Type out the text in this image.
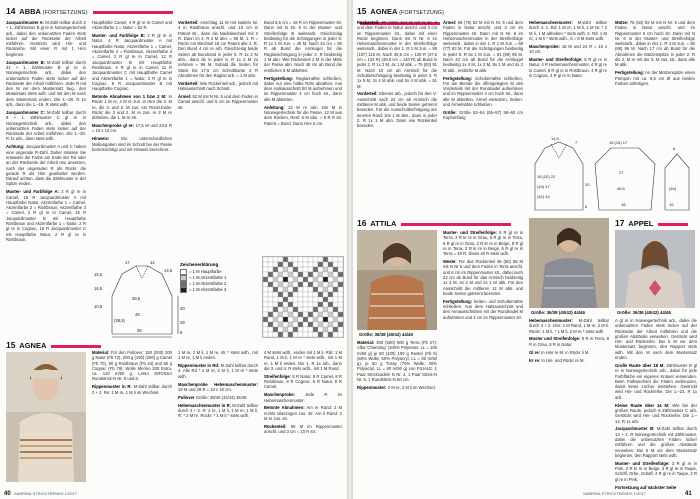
14 ABBA (FORTSETZUNG)

Jacquardmuster A: M-Zahl teilbar durch 2 + 1. Zählmuster B gl re in Norwegertechnik arb., dabei den unbenutzten Faden stets locker auf der Rückseite der Arbeit mitführen. Gestrickt wird Hin- und Rückreihe. Mit einer R mit 1 Hinr beginnen.

Jacquardmuster B: M-Zahl teilbar durch 31 + 1. Zählmuster B gl re in Norwegertechnik arb., dabei den unbenutzten Faden stets locker auf der Rückseite der Arbeit mitführen. Jede R mit den M vor dem Mustersatz beg., den Mustersatz stets wdh. und mit den M nach dem Mustersatz enden. Die 1.–28. R 1x arb., dann die 1.–19. R stets wdh.

Jacquardmuster C: M-Zahl teilbar durch 8 + 1. Zählmuster C gl re in Norwegertechnik arb., dabei den unbenutzten Faden stets locker auf der Rückseite der Arbeit mitführen. Die 1.–30. R 1x arb., dann stets wdh.

Achtung: Jacquardmuster A und C haben eine ungerade R-Zahl. Daher müssen Sie entweder die Farbe am Ende der Rd oder an der Rückseite der Arbeit neu ansetzen, nach der ungeraden R als Rückr. die gerade R als Hinr gearbeitet werden. Darauf achten, dass die Zählmuster in der Spitze enden.

Muster- und Farbfolge A: 2 R gl re in Camel, 15 R Jacquardmuster A mit Hauptfarbe Natur, Akzentfarbe 1 = Camel, Akzentfarbe 2 = Rostbraun, Akzentfarbe 3 = Camel, 2 R gl re in Camel, 15 R Jacquardmuster B mit Hauptfarbe Rostbraun und Akzentfarbe 1 = Natur, 2 R gl re in Cognac, 15 R Jacquardmuster C mit Hauptfarbe Natur, 2 R gl re in Rostbraun.

Hauptfarbe Camel, 4 R gl re in Camel und Akzentfarbe 1 = Natur = 52 R.

Muster- und Farbfolge B: 2 R gl re in Natur, 4 R Jacquardmuster A mit Hauptfarbe Natur, Akzentfarbe 1 = Camel, Akzentfarbe 2 = Rostbraun, Akzentfarbe 3 = Camel, 2 R gl re in Camel, 12 R Jacquardmuster B mit Hauptfarbe Rostbraun, 4 R gl re in Camel, 11 R Jacquardmuster C mit Hauptfarbe Camel und Akzentfarbe 1 = Natur, 2 R gl re in Cognac, 8 R Jacquardmuster B mit Hauptfarbe Cognac.

Betonte Abnahmen von 1 bzw 2 M: In Rückr 1 M re, 2 M re zus. In Hinr die 2. M re, die 3. und 2. M zus. Am Rückr.Ende: Rückr die 3 und 2. M re zus. re 2 M re abheben, die 1. M re str.

Maschenprobe gl re: 17,5 M und 23,5 R = 10 x 10 cm.

Hinweis:	Die unterschiedlichen Maßangaben sind im Schnitt bei der Passe berücksichtigt und mit Hinweis berechnet.

Vorderteil: Anschlag 11 M mit Nadeln Nr. 4 in Rostbraun anschl. und 15 cm in Patent str., dann die Nadelwechsel mit 2 R. Dann im 4. R 2 M abn. = 96 M. 1. R = Rückr mit Wechsel 18 cm Patent alle 2. R. Den Bund 4 cm re arb. Gleichzeitig beide Seiten ab Bundrand in jeder 6. R 1x 2 M abn., dann ab in jeder 6. R 1x 2 M zu nehmen = 96 M. Sobald die Seiten für Stück bis 17,5 cm Schnittkante 2 R Abnahmen für den Raglan arb. = 1 M abn.

Vorderteil: Wie Rückenteil arb., jedoch mit Halsausschnitt nach Schnitt.

Ärmel: 52 M mit N Nr. 5 und dem Faden in Camel anschl. und 5 cm im Rippenmuster str.

Bund 6,5 cm = 18 R im Rippenmuster str. Dann mit N Nr. 6 in der Muster- und Streifenfolge B weiterarb. Gleichzeitig beidseitig für die Schrägungen in jeder 8. R 1x 1 M zun. = 48 M. Nach 34 cm = 80 R ab Bund die Armkugel für die Raglanschrägung in jeder 2. R beidseitig 1 M abn. Wie Rückenteil 2 M in der Mitte der Passe abn. Nach 48 cm ab Bund die restlichen 8 M abketten.

Fertigstellung: Raglannähte schließen, dabei nur eine halbe Rdm abnähen. Aus dem Halsausschnitt 50 M aufnehmen und im Rippenmuster 4 cm hoch str., dann alle M abketten.

Anleitung: 32 M re abn. Die M in Norwegertechnik für die Passe. 12 M aus dem Rücken, Rest: 6 M abn. = 6 R R str. Patent = Bund. Dann Hinr 5 cm.

15,5
16,5
17	12
14,5
20
10,5
36
38,5
45
(38,5)	29
8
Zeichenerklärung
= 1 M Hauptfarbe
= 1 M Akzentfarbe 1
= 1 M Akzentfarbe 2
= 1 M Akzentfarbe 3
15 AGNEA

Material: Für den Pullover: 150 (200) 200 g Natur (Fb 72), 200 g (150) (200) g Camel (Fb 70), 50 g Rostbraun (Fb 24) und 50 g Cognac (Fb 79): Wolle Merino 200 Extra, ca. 120 m/50 g. LANA GROSSA Rundstrick-N Nr. 5 und 6.

Rippenmuster in R: M-Zahl teilbar durch 2 + 2. Re: 1 M re, 1 M li im Wechsel.

1 M re, 2 M li, 1 M re, str. * stets wdh., mit 1 M re, 1 M li enden.

Rippenmuster in Rd: M-Zahl teilbar durch 4. Alle Rd * 1 M re, 2 M li, 1 M re * stets wdh.

Maschenprobe Hebemaschenmuster: 19 M und 28 R = 10 x 10 cm.

Pullover Größe: 38/40 (42/44) 46/48

Hebemaschenmuster in R: M-Zahl teilbar durch 4 + 2. R: 2 re, 1 M li, 1 M re, 1 M li, R: * 2 M re. Rückr: * 1 M li * stets wdh.

4 M stets wdh., enden mit 1 M li. Rdr: 1 M Rand, 1 M li, 1 M re * stets wdh., mit 1 M re, 1 M li enden. Die 1. R 1x arb., dann die 3. und 4. R stets wdh., mit 1 M Rand.

Streifenfolge: 8 R Natur, 8 R Camel, 8 R Rostbraun, 8 R Cognac, 8 R Natur, 8 R Camel.

Maschenprobe: Jede R im Hebemaschenmuster.

Betonte Abnahmen: Am re Rand: 2 M rechts überzogen zus. str. Am li Rand: 2 M re zus. str.

Rückenteil: 98 M im Rippenmuster anschl. und 3 cm = 10 R str.

SABRINA STRICKTRENDS 1/2017
40
15 AGNEA (FORTSETZUNG)

Rückenteil: 98 (106) 114 M mit N Nr. 5 und dem Faden in Natur anschl. und 3 cm im Rippenmuster str., dabei mit einer Rückr beginnen. Dann mit N Nr. 6 im Hebemaschenmuster in der Streifenfolge weiterarb., dabei in der 1. R 1 M zun. = 99 (107) 115 M. Nach 45,5 cm = 128 R (47,5 cm = 134 R) (49,5 cm = 140 R) ab Bund in jeder 2. R 1x 2 M, 4x 1 M abk. = 75 (83) 91 M. Nach 10 cm ab Armloch für die Schulterschrägung beidseitig in jeder 2. R 1x 5 M, 2x 4 M abk. und 5x 4 M abk. = 51 M.

Vorderteil: Ebenso arb., jedoch für den V-Ausschnitt nach 22 cm ab Armloch die mittleren M abk. und beide Seiten getrennt beenden. Für die Ausschnittschrägung am inneren Rand 10x 1 M abn., dann in jeder 2. R 1x 1 M abn. Dann wie Rückenteil beenden.

Ärmel: 68 (76) 82 M mit N Nr. 5 und dem Faden in Natur anschl. und 3 cm im Rippenmuster str. Dann mit N Nr. 6 im Hebemaschenmuster in der Streifenfolge weiterarb., dabei in der 1. R 1 M zun. = 69 (77) 83 M. Für die Schrägungen beidseitig in jeder 8. R 6x 1 M zun. = 81 (89) 95 M. Nach 43 cm ab Bund für die Armkugel beidseitig 1x 4 M, 1x 2 M, 8x 1 M und 4x 2 M abk., restliche M abk.

Fertigstellung: Schulternähte schließen. Für die Blende die offengelegten M des Vorderteils mit der Rundnadel aufnehmen und im Rippenmuster 3 cm hoch str., dann alle M abketten. Ärmel einsetzen, Seiten- und Ärmelnähte schließen.

Größe: Größe 52–54 (55–57) 58–60 cm Kopfumfang

Hebemaschenmuster: M-Zahl teilbar durch 4. 1. Rd: 1 M re, 1 M li, 1 M Nr. * 2 M li, 1 M abheben * stets wdh. 2. Rd: 1 M re, 1 M li * stets wdh., 6 = 8 M stets wdh.

Maschenprobe: 18 M und 24 R = 10 x 10 cm.

Muster- und Streifenfolge: 8 R gl re in Natur, 4 R Hebemaschenmuster, 4 R gl re in Camel, 8 R gl re in Rostbraun, 4 R gl re in Cognac, 4 R gl re in Natur.

Mütze: 76 (84) 92 M mit N Nr. 5 und dem Faden in Natur anschl. und im Rippenmuster 6 cm hoch str. Dann mit N Nr. 6 in der Muster- und Streifenfolge weiterarb., dabei in der 1. R 4 M zun. = 80 (88) 96 M. Nach 17 cm ab Bund für die Abnahmen die Mützenspitze in jeder 2. R die 2. M re mit der 3. M zus. str., dann alle M abk.

Fertigstellung: An der Mützenspitze einen Pompon mit ca. 6,5 cm Ø aus beiden Farben anfertigen.

14,5
7
18 (20) 22
(43) 47
(42) 44
20
6
15 (16) 17
27
46,5
18
6
(44)
19
16 ATTILA
Größe: 36/38 (40/42) 44/46

Material: 400 (500) 500 g Terra (Fb 27): Alba 'Charming' (100% Polyester, LL = 100 m/50 g) je 50 (100) 100 g Ruster (Fb 5) (50% Wolle, 50% Polyacryl, LL = 80 m/50 g), je 50 g Tussy (70% Wolle, 30% Polyacryl, LL = 80 m/50 g) von FILIALE. 1 Paar Stricknadeln N Nr. 4, 1 Paar Strick-N Nr. 5, 1 Rundstrick-N 60 cm.

Rippenmuster: 2 M re, 2 M li im Wechsel.

Muster- und Streifenfolge: 8 R gl re in Terra, 2 R kr re in Grau, 6 R gl re in Terra, 6 R gl re in Grau, 2 R kr re in Beige, 8 R gl re in Terra, 2 R kr re in Beige, 6 R gl re in Terra = 40 R. Diese 40 R stets wdh.

Weste: Für das Rückenteil 48 (56) 58 M mit N Nr 6 und dem Faden in Terra anschl. und 6 cm im Rippenmuster str., dabei nach 22 cm ab Bund für das Armloch beidseitig 1x 3 M, 2x 2 M und 2x 1 M abk. Für den Ausschnitt die mittleren 12 M abk. und beide Seiten getrennt beenden.

Fertigstellung: Seiten- und Schulternähte schließen. Aus dem Halsausschnitt und den Armausschnitten mit der Rundnadel M aufnehmen und 4 cm im Rippenmuster str.

Größe: 36/38 (40/42) 44/46

Hebemaschenmuster: M-Zahl teilbar durch 4 + 2. Hinr: 1 M Rand, 1 M re, 2 M li. Rückr: 1 M li, * 1 M li, 2 M re * stets wdh.

Muster und Streifenfolge: 8 R in Terra, 8 R in Grau, 8 R in Natur.

Gl re: In Hinr re M, in Rückr li M.

Kr re: In Hin- und Rückr re M.

17 APPEL
Größe: 36/38 (40/42) 44/46

A gl re in Norwegertechnik arb., dabei die unbenutzten Fäden stets locker auf der Rückseite der Arbeit mitführen und die großen Abstände verweben. Gestrickt wird Hin- und Rückreihe. Bei 5 M vor dem Mustersatz beginnen, den Rapport stets wdh. Mit den M nach dem Mustersatz enden.

Große Raute über 18 M: Zählmuster B gl re in Norwegertechnik arb., dabei für jede Farbfläche ein eigenes Knäuel verwenden. Beim Farbwechsel die Fäden verkreuzen, damit keine Löcher entstehen. Gestrickt wird Hin- und Rückreihe. Die 1.–23. R 1x arb.

Kleine Raute über 14 M: Wie bei der großen Raute, jedoch 8 Zählmuster C arb. Gestrickt wird Hin- und Rückreihe. Die 1.–14. R 1x arb.

Jacquardmuster B: M-Zahl teilbar durch 13 + 2. R Norwegertechnik mit Zählmuster, dabei die unbenutzten Fäden locker mitführen und die großen Abstände verweben. Bei 5 M vor dem Mustersatz beginnen, den Rapport stets wdh.

Muster- und Streifenfolge: 3 R gl re in Pink, 2 R kr re in Beige, 3 R gl re in Taupe, Schöff, Orbe, Schaff, 4 R gl re in Taupe, 2 R gl re in Pink.

Fortsetzung auf nächster Seite

SABRINA STRICKTRENDS 1/2017	41
